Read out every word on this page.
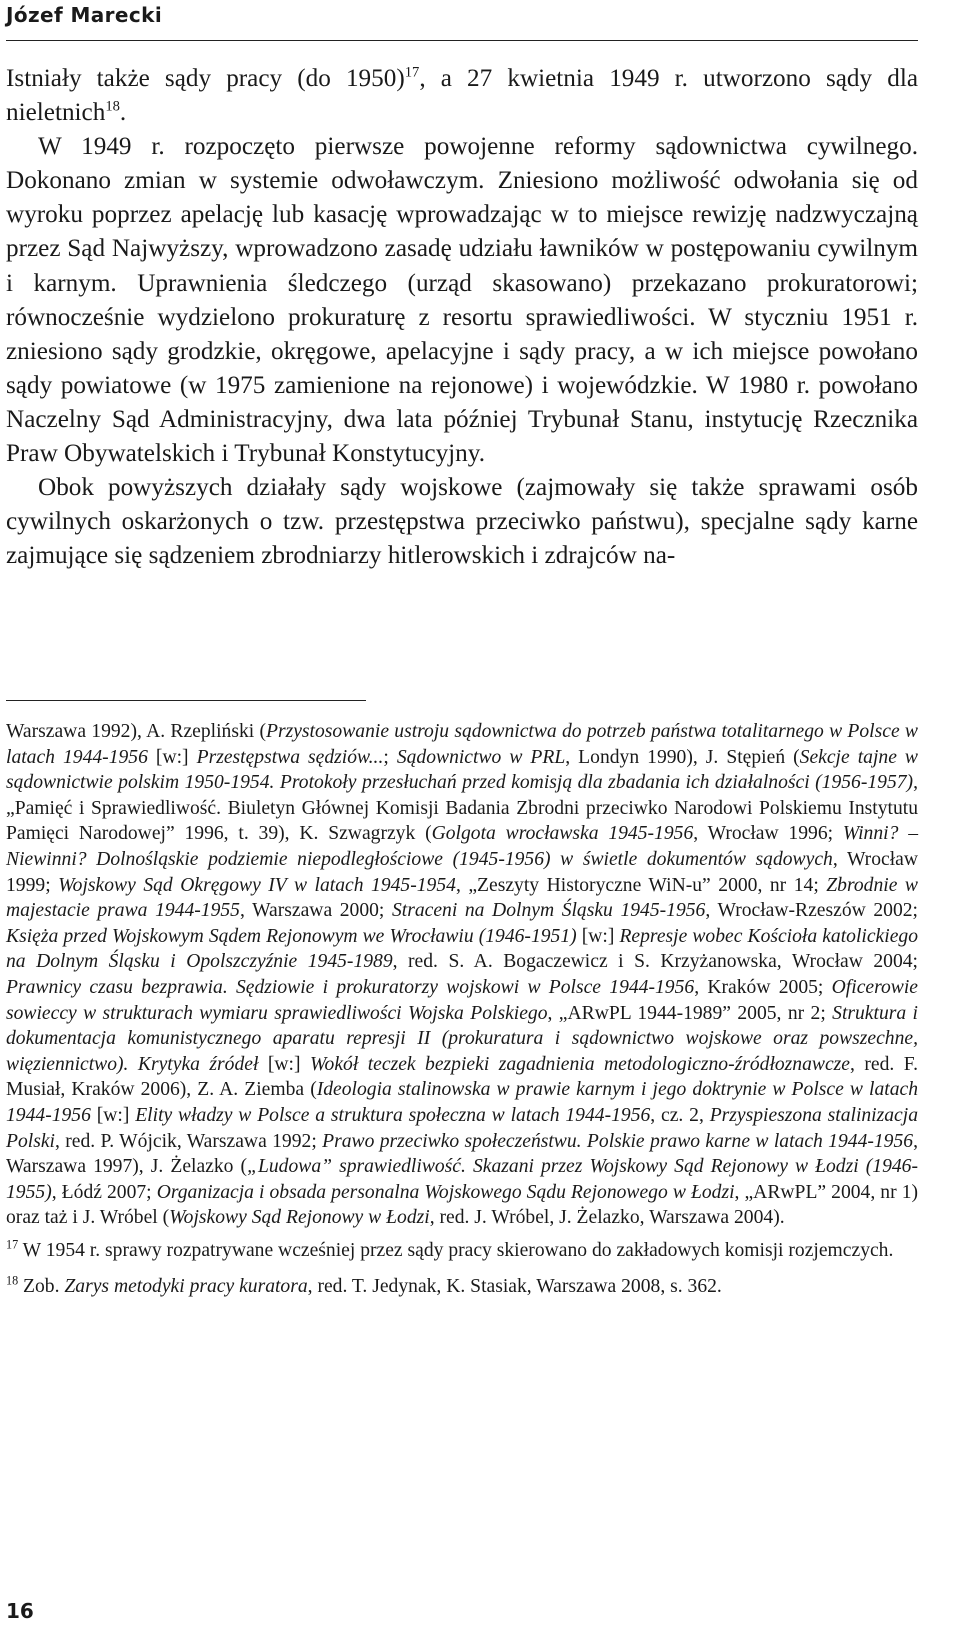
Józef Marecki

Istniały także sądy pracy (do 1950)$^{17}$, a 27 kwietnia 1949 r. utworzono sądy dla nieletnich$^{18}$.

W 1949 r. rozpoczęto pierwsze powojenne reformy sądownictwa cywilnego. Dokonano zmian w systemie odwoławczym. Zniesiono możliwość odwołania się od wyroku poprzez apelację lub kasację wprowadzając w to miejsce rewizję nadzwyczajną przez Sąd Najwyższy, wprowadzono zasadę udziału ławników w postępowaniu cywilnym i karnym. Uprawnienia śledczego (urząd skasowano) przekazano prokuratorowi; równocześnie wydzielono prokuraturę z resortu sprawiedliwości. W styczniu 1951 r. zniesiono sądy grodzkie, okręgowe, apelacyjne i sądy pracy, a w ich miejsce powołano sądy powiatowe (w 1975 zamienione na rejonowe) i wojewódzkie. W 1980 r. powołano Naczelny Sąd Administracyjny, dwa lata później Trybunał Stanu, instytucję Rzecznika Praw Obywatelskich i Trybunał Konstytucyjny.

Obok powyższych działały sądy wojskowe (zajmowały się także sprawami osób cywilnych oskarżonych o tzw. przestępstwa przeciwko państwu), specjalne sądy karne zajmujące się sądzeniem zbrodniarzy hitlerowskich i zdrajców na-

Warszawa 1992), A. Rzepliński (Przystosowanie ustroju sądownictwa do potrzeb państwa totalitarnego w Polsce w latach 1944-1956 [w:] Przestępstwa sędziów...; Sądownictwo w PRL, Londyn 1990), J. Stępień (Sekcje tajne w sądownictwie polskim 1950-1954. Protokoły przesłuchań przed komisją dla zbadania ich działalności (1956-1957), „Pamięć i Sprawiedliwość. Biuletyn Głównej Komisji Badania Zbrodni przeciwko Narodowi Polskiemu Instytutu Pamięci Narodowej” 1996, t. 39), K. Szwagrzyk (Golgota wrocławska 1945-1956, Wrocław 1996; Winni? – Niewinni? Dolnośląskie podziemie niepodległościowe (1945-1956) w świetle dokumentów sądowych, Wrocław 1999; Wojskowy Sąd Okręgowy IV w latach 1945-1954, „Zeszyty Historyczne WiN-u” 2000, nr 14; Zbrodnie w majestacie prawa 1944-1955, Warszawa 2000; Straceni na Dolnym Śląsku 1945-1956, Wrocław-Rzeszów 2002; Księża przed Wojskowym Sądem Rejonowym we Wrocławiu (1946-1951) [w:] Represje wobec Kościoła katolickiego na Dolnym Śląsku i Opolszczyźnie 1945-1989, red. S. A. Bogaczewicz i S. Krzyżanowska, Wrocław 2004; Prawnicy czasu bezprawia. Sędziowie i prokuratorzy wojskowi w Polsce 1944-1956, Kraków 2005; Oficerowie sowieccy w strukturach wymiaru sprawiedliwości Wojska Polskiego, „ARwPL 1944-1989” 2005, nr 2; Struktura i dokumentacja komunistycznego aparatu represji II (prokuratura i sądownictwo wojskowe oraz powszechne, więziennictwo). Krytyka źródeł [w:] Wokół teczek bezpieki zagadnienia metodologiczno-źródłoznawcze, red. F. Musiał, Kraków 2006), Z. A. Ziemba (Ideologia stalinowska w prawie karnym i jego doktrynie w Polsce w latach 1944-1956 [w:] Elity władzy w Polsce a struktura społeczna w latach 1944-1956, cz. 2, Przyspieszona stalinizacja Polski, red. P. Wójcik, Warszawa 1992; Prawo przeciwko społeczeństwu. Polskie prawo karne w latach 1944-1956, Warszawa 1997), J. Żelazko („Ludowa” sprawiedliwość. Skazani przez Wojskowy Sąd Rejonowy w Łodzi (1946-1955), Łódź 2007; Organizacja i obsada personalna Wojskowego Sądu Rejonowego w Łodzi, „ARwPL” 2004, nr 1) oraz taż i J. Wróbel (Wojskowy Sąd Rejonowy w Łodzi, red. J. Wróbel, J. Żelazko, Warszawa 2004).

$^{17}$ W 1954 r. sprawy rozpatrywane wcześniej przez sądy pracy skierowano do zakładowych komisji rozjemczych.

$^{18}$ Zob. Zarys metodyki pracy kuratora, red. T. Jedynak, K. Stasiak, Warszawa 2008, s. 362.

16
